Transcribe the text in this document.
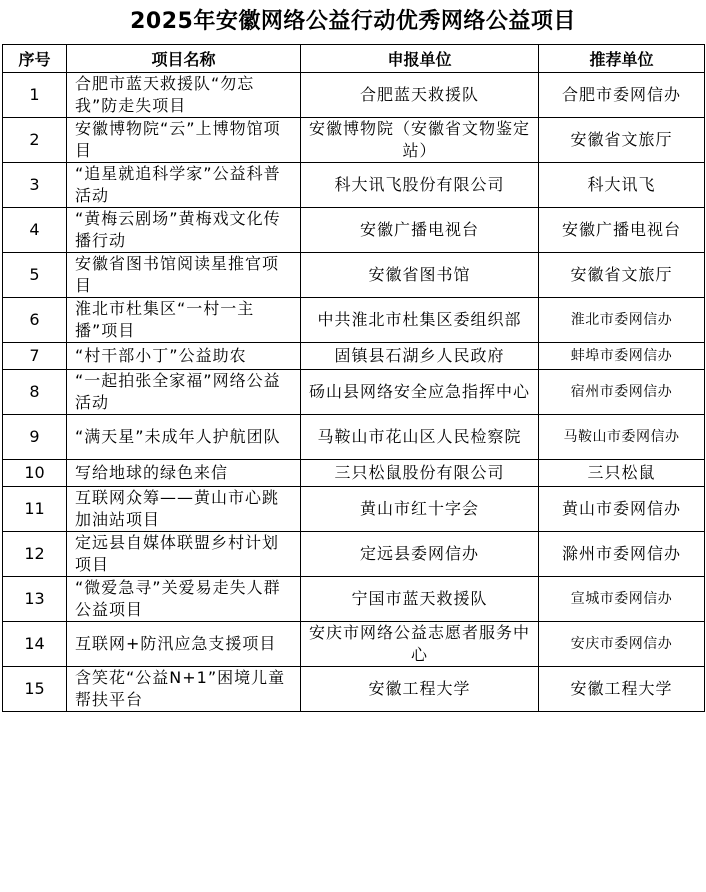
2025年安徽网络公益行动优秀网络公益项目
序号	项目名称	申报单位	推荐单位
1	合肥市蓝天救援队“勿忘我”防走失项目	合肥蓝天救援队	合肥市委网信办
2	安徽博物院“云”上博物馆项目	安徽博物院（安徽省文物鉴定站）	安徽省文旅厅
3	“追星就追科学家”公益科普活动	科大讯飞股份有限公司	科大讯飞
4	“黄梅云剧场”黄梅戏文化传播行动	安徽广播电视台	安徽广播电视台
5	安徽省图书馆阅读星推官项目	安徽省图书馆	安徽省文旅厅
6	淮北市杜集区“一村一主播”项目	中共淮北市杜集区委组织部	淮北市委网信办
7	“村干部小丁”公益助农	固镇县石湖乡人民政府	蚌埠市委网信办
8	“一起拍张全家福”网络公益活动	砀山县网络安全应急指挥中心	宿州市委网信办
9	“满天星”未成年人护航团队	马鞍山市花山区人民检察院	马鞍山市委网信办
10	写给地球的绿色来信	三只松鼠股份有限公司	三只松鼠
11	互联网众筹——黄山市心跳加油站项目	黄山市红十字会	黄山市委网信办
12	定远县自媒体联盟乡村计划项目	定远县委网信办	滁州市委网信办
13	“微爱急寻”关爱易走失人群公益项目	宁国市蓝天救援队	宣城市委网信办
14	互联网+防汛应急支援项目	安庆市网络公益志愿者服务中心	安庆市委网信办
15	含笑花“公益N+1”困境儿童帮扶平台	安徽工程大学	安徽工程大学
